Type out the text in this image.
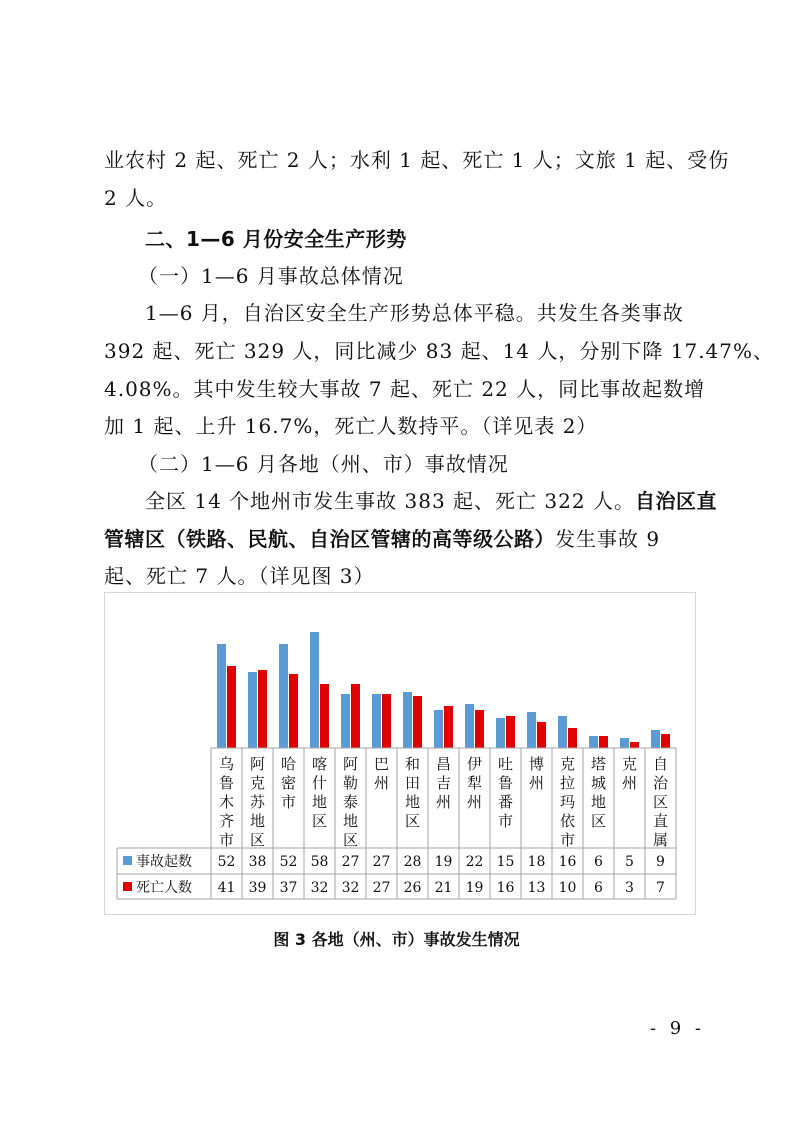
业农村 2 起、死亡 2 人；水利 1 起、死亡 1 人；文旅 1 起、受伤
2 人。
二、1—6 月份安全生产形势
（一）1—6 月事故总体情况
1—6 月，自治区安全生产形势总体平稳。共发生各类事故
392 起、死亡 329 人，同比减少 83 起、14 人，分别下降 17.47%、
4.08%。其中发生较大事故 7 起、死亡 22 人，同比事故起数增
加 1 起、上升 16.7%，死亡人数持平。（详见表 2）
（二）1—6 月各地（州、市）事故情况
全区 14 个地州市发生事故 383 起、死亡 322 人。自治区直
管辖区（铁路、民航、自治区管辖的高等级公路）发生事故 9
起、死亡 7 人。（详见图 3）
乌
鲁
木
齐
市
阿
克
苏
地
区
哈
密
市
喀
什
地
区
阿
勒
泰
地
区
巴
州
和
田
地
区
昌
吉
州
伊
犁
州
吐
鲁
番
市
博
州
克
拉
玛
依
市
塔
城
地
区
克
州
自
治
区
直
属
事故起数 52 38 52 58 27 27 28 19 22 15 18 16 6 5 9
死亡人数 41 39 37 32 32 27 26 21 19 16 13 10 6 3 7
图 3 各地（州、市）事故发生情况
- 9 -
